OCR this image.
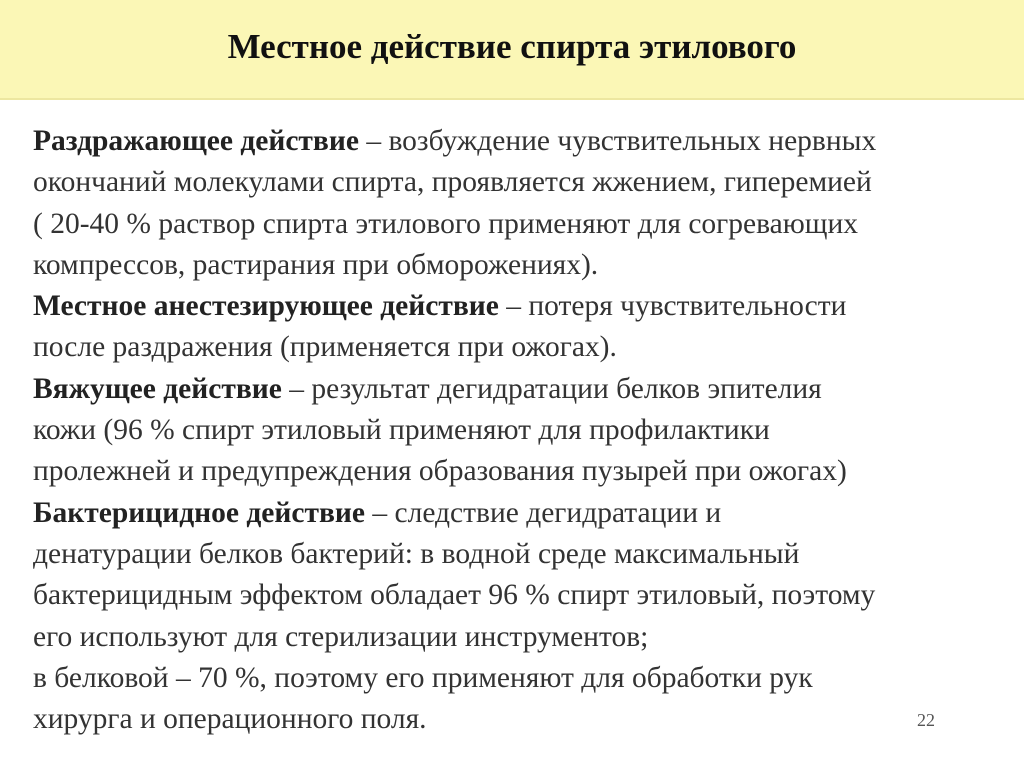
Местное действие спирта этилового
Раздражающее действие – возбуждение чувствительных нервных
окончаний молекулами спирта, проявляется жжением, гиперемией
( 20-40 % раствор спирта этилового применяют для согревающих
компрессов, растирания при обморожениях).
Местное анестезирующее действие – потеря чувствительности
после раздражения (применяется при ожогах).
Вяжущее действие – результат дегидратации белков эпителия
кожи (96 % спирт этиловый применяют для профилактики
пролежней и предупреждения образования пузырей при ожогах)
Бактерицидное действие – следствие дегидратации и
денатурации белков бактерий: в водной среде максимальный
бактерицидным эффектом обладает 96 % спирт этиловый, поэтому
его используют для стерилизации инструментов;
в белковой – 70 %, поэтому его применяют для обработки рук
хирурга и операционного поля.	22
